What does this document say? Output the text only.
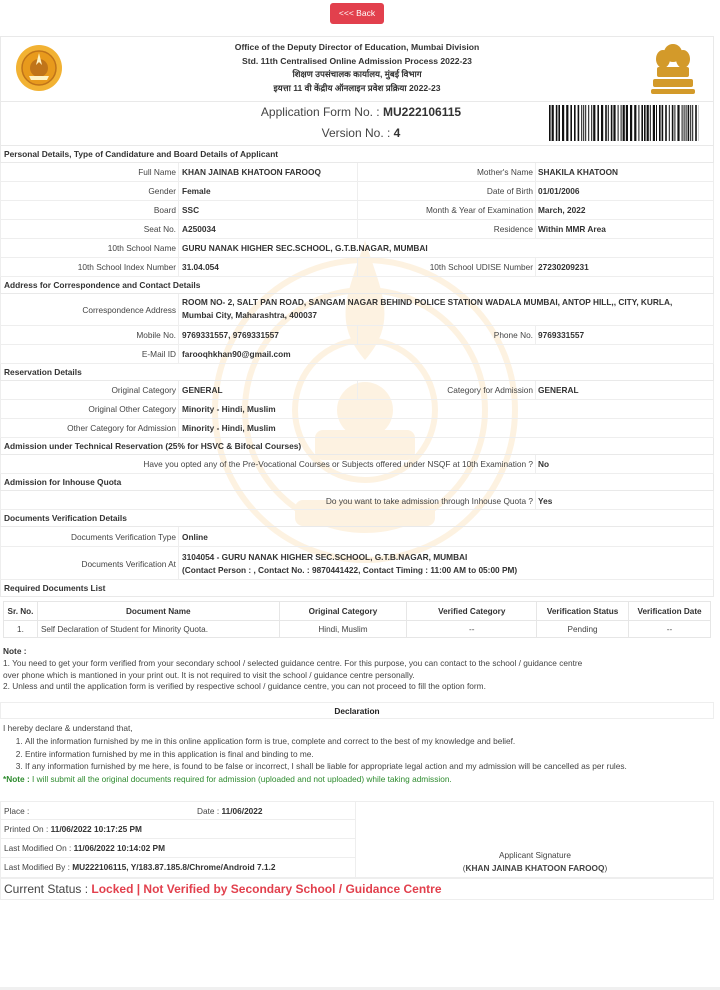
<<< Back
Office of the Deputy Director of Education, Mumbai Division
Std. 11th Centralised Online Admission Process 2022-23
शिक्षण उपसंचालक कार्यालय, मुंबई विभाग
इयत्ता 11 वी केंद्रीय ऑनलाइन प्रवेश प्रक्रिया 2022-23
Application Form No. : MU222106115
Version No. : 4
Personal Details, Type of Candidature and Board Details of Applicant
Full Name KHAN JAINAB KHATOON FAROOQ	Mother's Name SHAKILA KHATOON
Gender Female	Date of Birth 01/01/2006
Board SSC	Month & Year of Examination March, 2022
Seat No. A250034	Residence Within MMR Area
10th School Name GURU NANAK HIGHER SEC.SCHOOL, G.T.B.NAGAR, MUMBAI
10th School Index Number 31.04.054	10th School UDISE Number 27230209231
Address for Correspondence and Contact Details
Correspondence Address
ROOM NO- 2, SALT PAN ROAD, SANGAM NAGAR BEHIND POLICE STATION WADALA MUMBAI, ANTOP HILL,, CITY, KURLA,
Mumbai City, Maharashtra, 400037
Mobile No. 9769331557, 9769331557	Phone No. 9769331557
E-Mail ID farooqhkhan90@gmail.com
Reservation Details
Original Category GENERAL	Category for Admission GENERAL
Original Other Category Minority - Hindi, Muslim
Other Category for Admission Minority - Hindi, Muslim
Admission under Technical Reservation (25% for HSVC & Bifocal Courses)
Have you opted any of the Pre-Vocational Courses or Subjects offered under NSQF at 10th Examination ? No
Admission for Inhouse Quota
Do you want to take admission through Inhouse Quota ? Yes
Documents Verification Details
Documents Verification Type Online
Documents Verification At
3104054 - GURU NANAK HIGHER SEC.SCHOOL, G.T.B.NAGAR, MUMBAI
(Contact Person : , Contact No. : 9870441422, Contact Timing : 11:00 AM to 05:00 PM)
Required Documents List
Sr. No.	Document Name	Original Category	Verified Category	Verification Status	Verification Date
1.	Self Declaration of Student for Minority Quota.	Hindi, Muslim	--	Pending	--
Note :
1. You need to get your form verified from your secondary school / selected guidance centre. For this purpose, you can contact to the school / guidance centre
over phone which is mantioned in your print out. It is not required to visit the school / guidance centre personally.
2. Unless and until the application form is verified by respective school / guidance centre, you can not proceed to fill the option form.
Declaration
I hereby declare & understand that,
1. All the information furnished by me in this online application form is true, complete and correct to the best of my knowledge and belief.
2. Entire information furnished by me in this application is final and binding to me.
3. If any information furnished by me here, is found to be false or incorrect, I shall be liable for appropriate legal action and my admission will be cancelled as per rules.
*Note : I will submit all the original documents required for admission (uploaded and not uploaded) while taking admission.
Place :	Date : 11/06/2022
Printed On : 11/06/2022 10:17:25 PM
Last Modified On : 11/06/2022 10:14:02 PM
Last Modified By : MU222106115, Y/183.87.185.8/Chrome/Android 7.1.2
Applicant Signature
(KHAN JAINAB KHATOON FAROOQ)
Current Status : Locked | Not Verified by Secondary School / Guidance Centre
